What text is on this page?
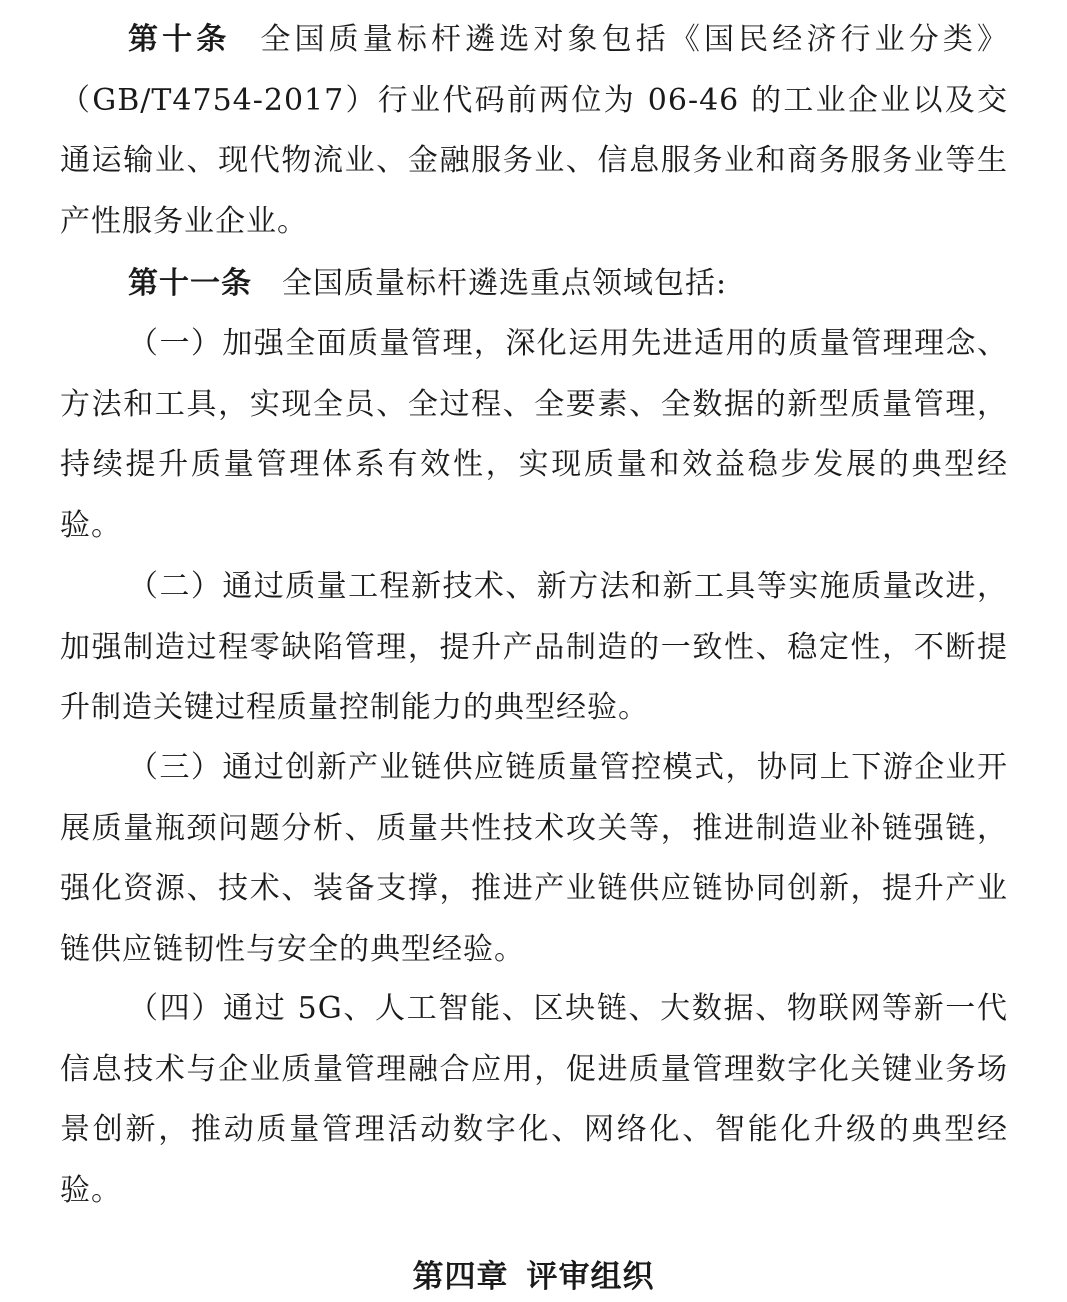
第十条 全国质量标杆遴选对象包括《国民经济行业分类》（GB/T4754-2017）行业代码前两位为 06-46 的工业企业以及交通运输业、现代物流业、金融服务业、信息服务业和商务服务业等生产性服务业企业。

第十一条 全国质量标杆遴选重点领域包括:

（一）加强全面质量管理，深化运用先进适用的质量管理理念、方法和工具，实现全员、全过程、全要素、全数据的新型质量管理，持续提升质量管理体系有效性，实现质量和效益稳步发展的典型经验。

（二）通过质量工程新技术、新方法和新工具等实施质量改进，加强制造过程零缺陷管理，提升产品制造的一致性、稳定性，不断提升制造关键过程质量控制能力的典型经验。

（三）通过创新产业链供应链质量管控模式，协同上下游企业开展质量瓶颈问题分析、质量共性技术攻关等，推进制造业补链强链，强化资源、技术、装备支撑，推进产业链供应链协同创新，提升产业链供应链韧性与安全的典型经验。

（四）通过 5G、人工智能、区块链、大数据、物联网等新一代信息技术与企业质量管理融合应用，促进质量管理数字化关键业务场景创新，推动质量管理活动数字化、网络化、智能化升级的典型经验。

第四章 评审组织
